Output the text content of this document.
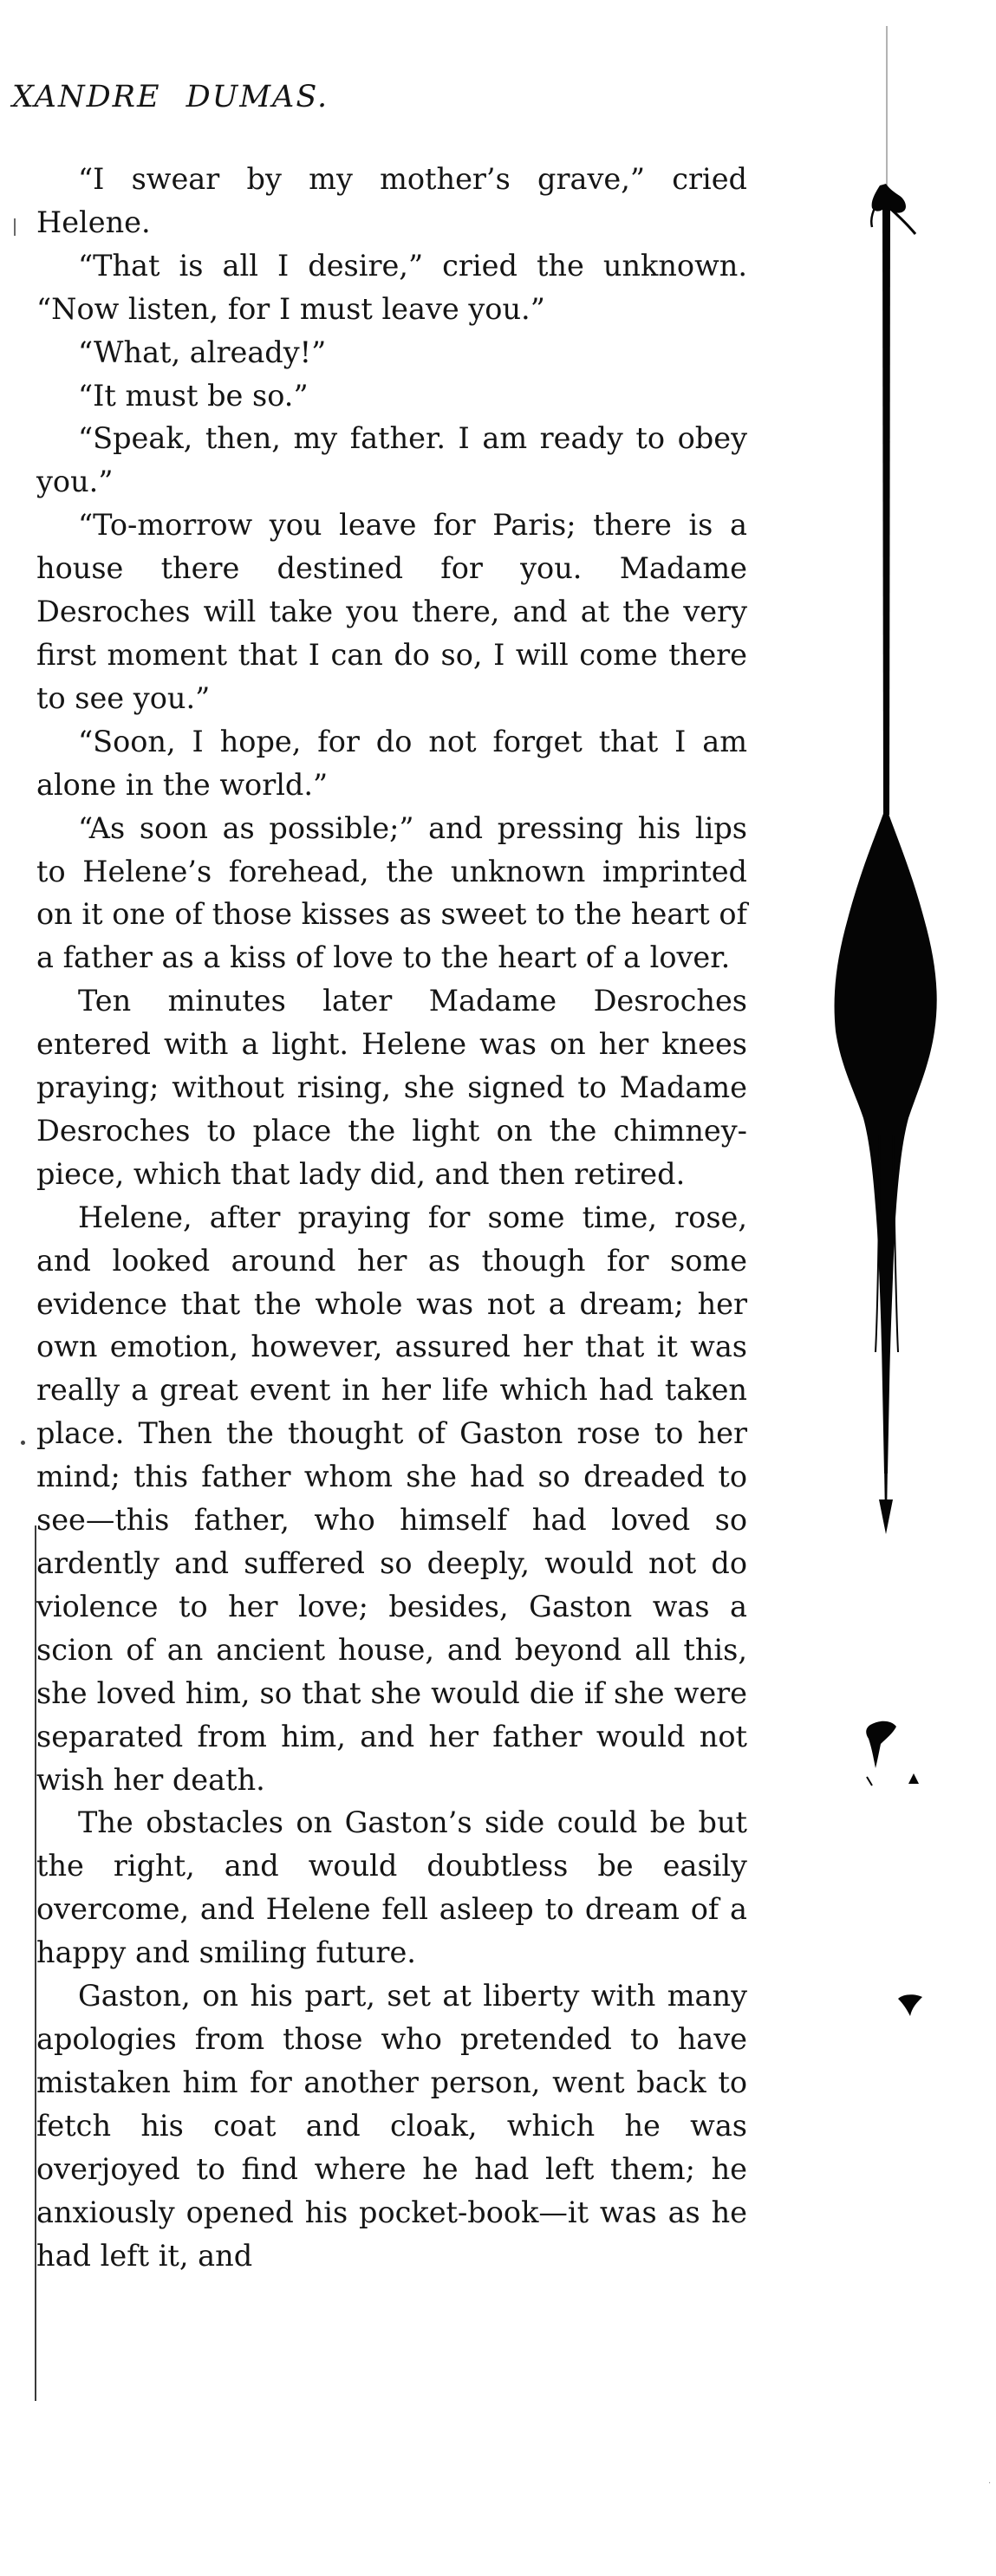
XANDRE DUMAS.

“I swear by my mother’s grave,” cried Helene.

“That is all I desire,” cried the unknown. “Now listen, for I must leave you.”

“What, already!”

“It must be so.”

“Speak, then, my father. I am ready to obey you.”

“To-morrow you leave for Paris; there is a house there destined for you. Madame Desroches will take you there, and at the very first moment that I can do so, I will come there to see you.”

“Soon, I hope, for do not forget that I am alone in the world.”

“As soon as possible;” and pressing his lips to Helene’s forehead, the unknown imprinted on it one of those kisses as sweet to the heart of a father as a kiss of love to the heart of a lover.

Ten minutes later Madame Desroches entered with a light. Helene was on her knees praying; without rising, she signed to Madame Desroches to place the light on the chimney-piece, which that lady did, and then retired.

Helene, after praying for some time, rose, and looked around her as though for some evidence that the whole was not a dream; her own emotion, however, assured her that it was really a great event in her life which had taken place. Then the thought of Gaston rose to her mind; this father whom she had so dreaded to see—this father, who himself had loved so ardently and suffered so deeply, would not do violence to her love; besides, Gaston was a scion of an ancient house, and beyond all this, she loved him, so that she would die if she were separated from him, and her father would not wish her death.

The obstacles on Gaston’s side could be but the right, and would doubtless be easily overcome, and Helene fell asleep to dream of a happy and smiling future.

Gaston, on his part, set at liberty with many apologies from those who pretended to have mistaken him for another person, went back to fetch his coat and cloak, which he was overjoyed to find where he had left them; he anxiously opened his pocket-book—it was as he had left it, and

·
